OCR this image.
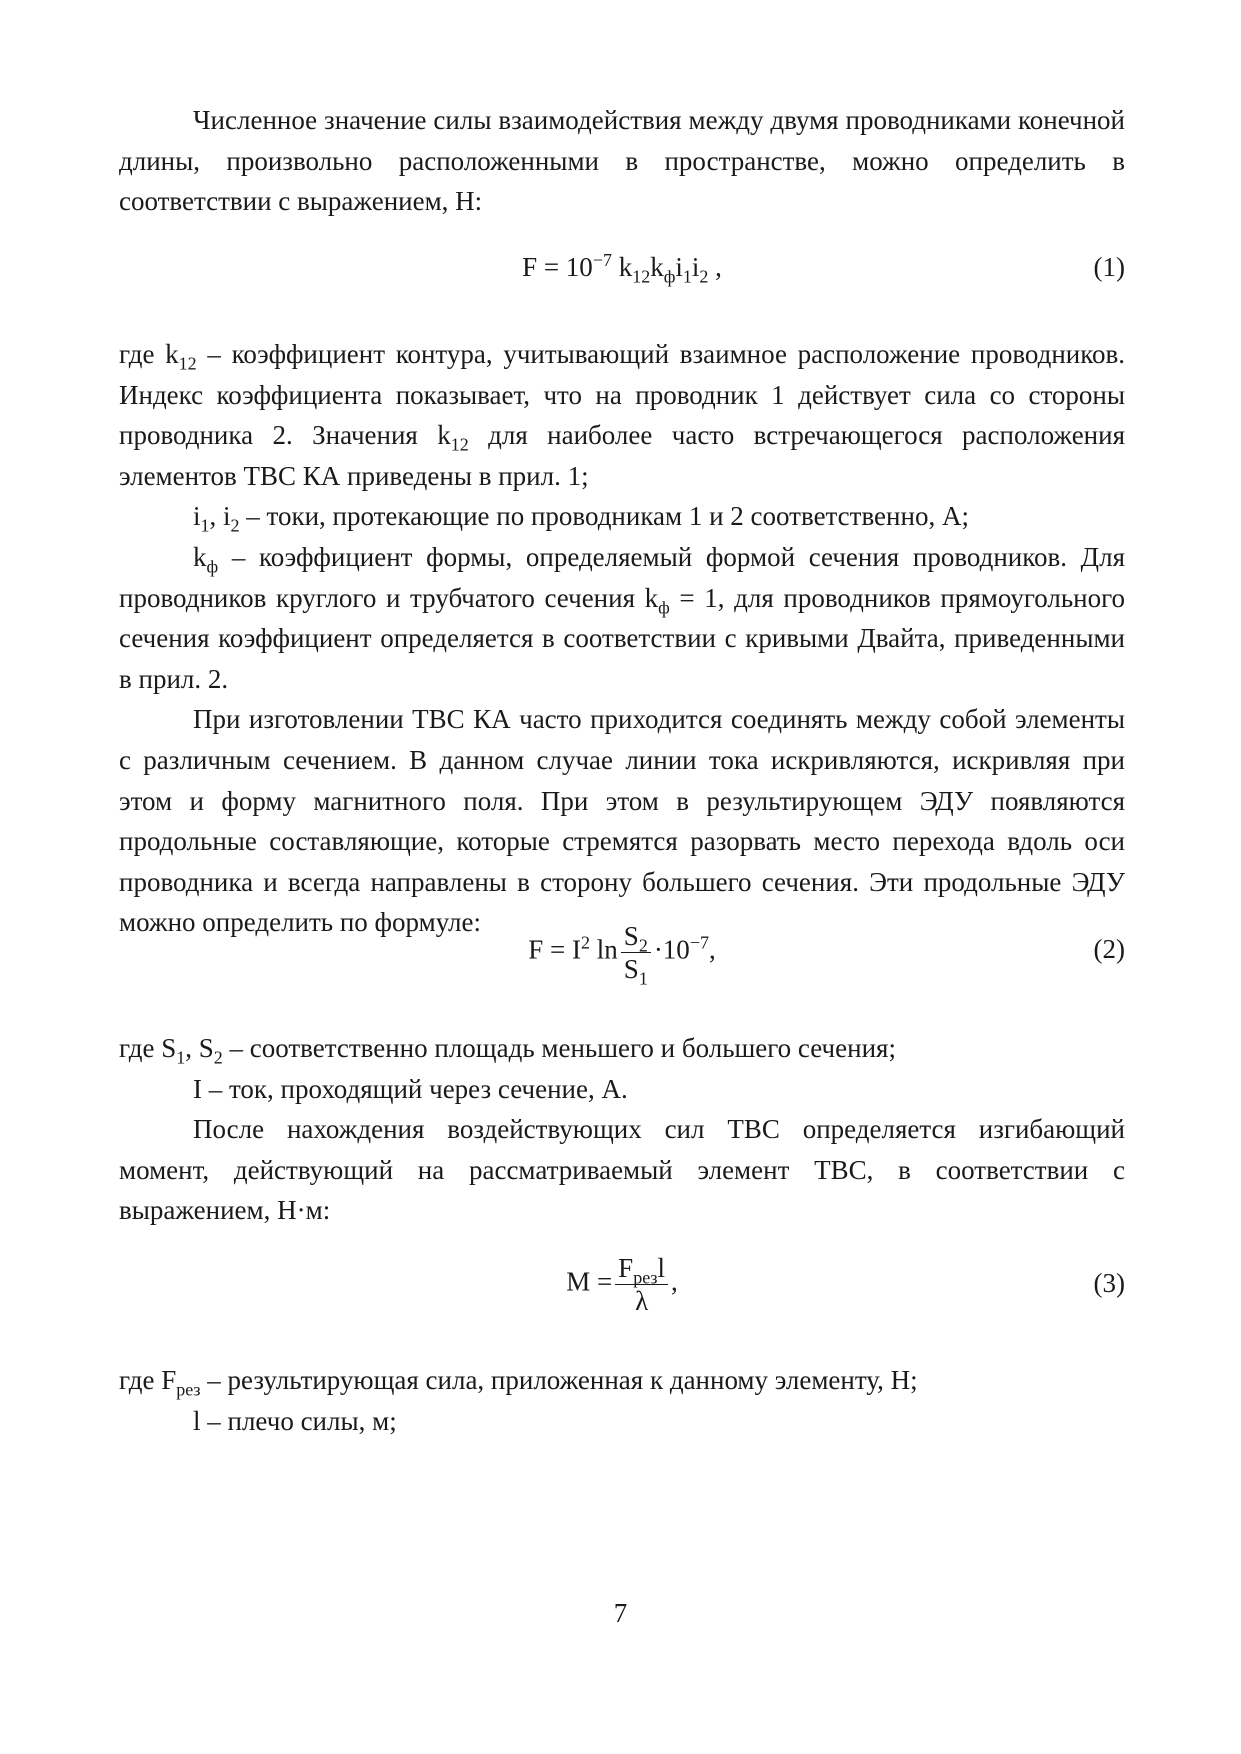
Численное значение силы взаимодействия между двумя проводниками конечной длины, произвольно расположенными в пространстве, можно определить в соответствии с выражением, Н:

$F = 10^{-7}$ $k_{12}k_фi_1i_2$ ,	(1)

где $k_{12}$ – коэффициент контура, учитывающий взаимное расположение проводников. Индекс коэффициента показывает, что на проводник 1 действует сила со стороны проводника 2. Значения $k_{12}$ для наиболее часто встречающегося расположения элементов ТВС КА приведены в прил. 1;

$i_1$, $i_2$ – токи, протекающие по проводникам 1 и 2 соответственно, А;

$k_ф$ – коэффициент формы, определяемый формой сечения проводников. Для проводников круглого и трубчатого сечения $k_ф = 1$, для проводников прямоугольного сечения коэффициент определяется в соответствии с кривыми Двайта, приведенными в прил. 2.

При изготовлении ТВС КА часто приходится соединять между собой элементы с различным сечением. В данном случае линии тока искривляются, искривляя при этом и форму магнитного поля. При этом в результирующем ЭДУ появляются продольные составляющие, которые стремятся разорвать место перехода вдоль оси проводника и всегда направлены в сторону большего сечения. Эти продольные ЭДУ можно определить по формуле:

$F = I^2$ $\ln \frac{S_2}{S_1} \cdot 10^{-7}$,	(2)

где $S_1$, $S_2$ – соответственно площадь меньшего и большего сечения;

I – ток, проходящий через сечение, А.

После нахождения воздействующих сил ТВС определяется изгибающий момент, действующий на рассматриваемый элемент ТВС, в соответствии с выражением, Н·м:

$M = \frac{F_{рез}l}{\lambda}$ ,	(3)

где $F_{рез}$ – результирующая сила, приложенная к данному элементу, Н;

l – плечо силы, м;

7
